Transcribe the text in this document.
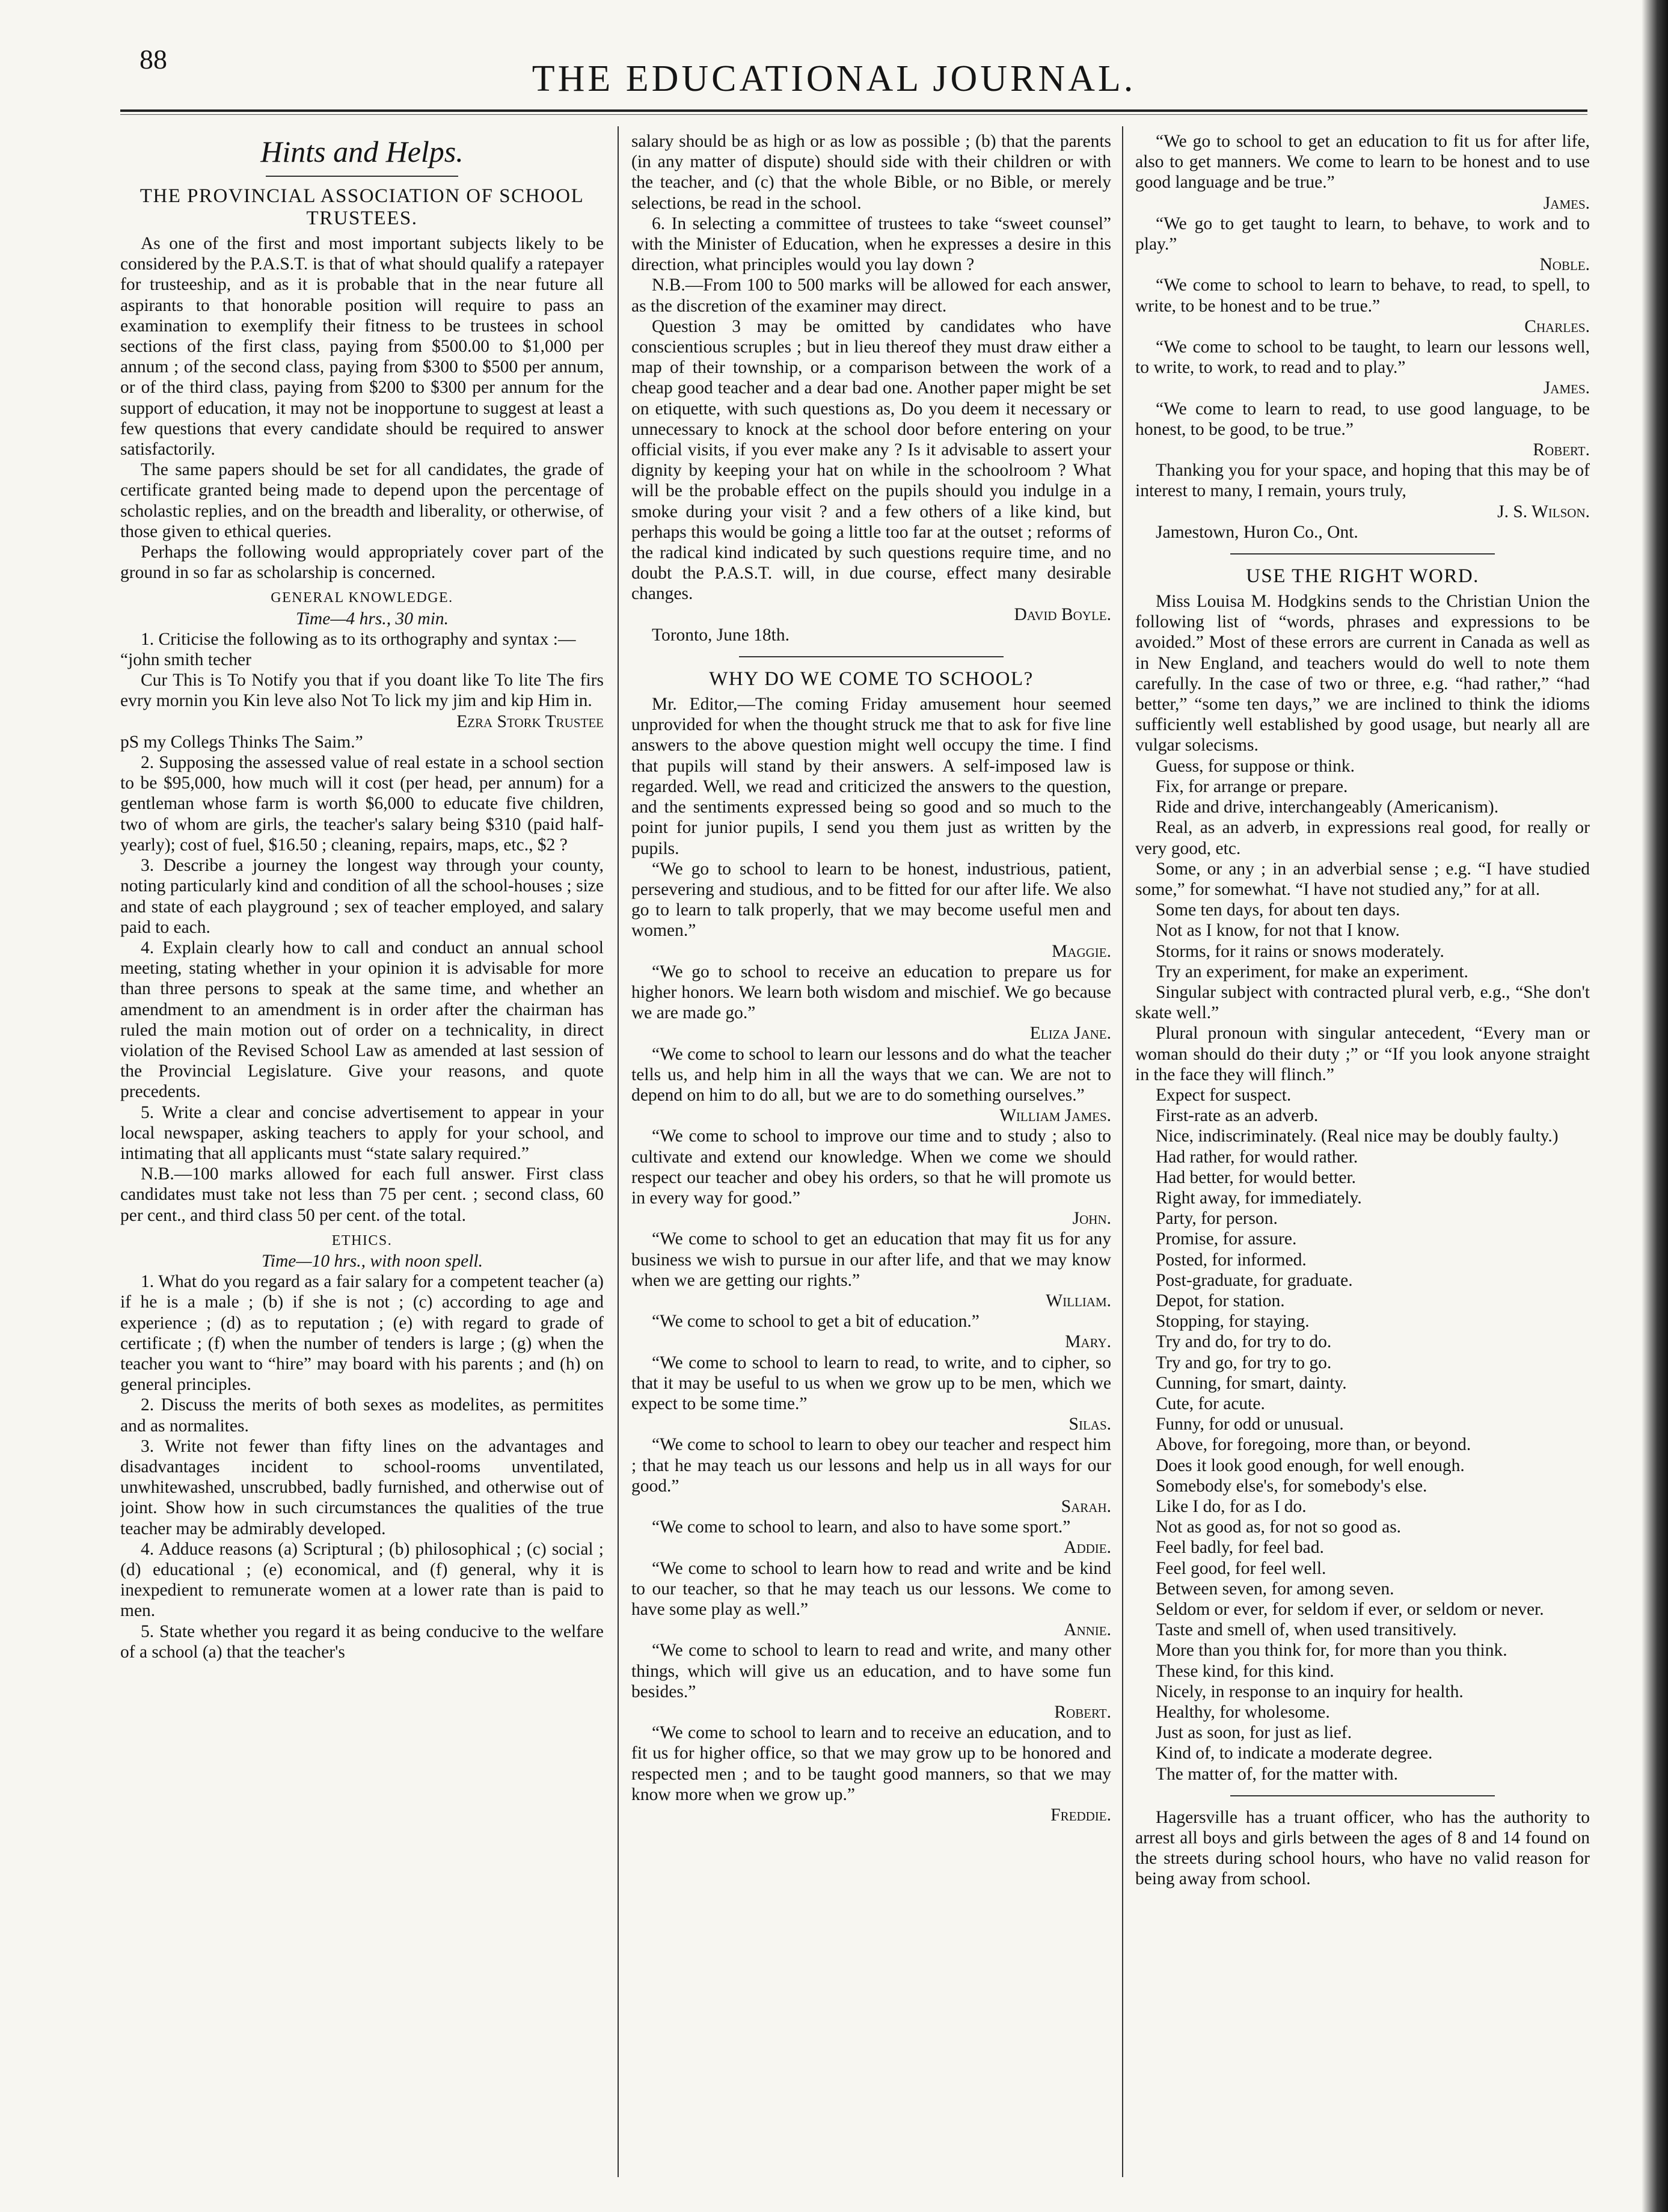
88	THE EDUCATIONAL JOURNAL.
Hints and Helps.
THE PROVINCIAL ASSOCIATION OF SCHOOL TRUSTEES.

As one of the first and most important subjects likely to be considered by the P.A.S.T. is that of what should qualify a ratepayer for trusteeship, and as it is probable that in the near future all aspirants to that honorable position will require to pass an examination to exemplify their fitness to be trustees in school sections of the first class, paying from $500.00 to $1,000 per annum ; of the second class, paying from $300 to $500 per annum, or of the third class, paying from $200 to $300 per annum for the support of education, it may not be inopportune to suggest at least a few questions that every candidate should be required to answer satisfactorily.

The same papers should be set for all candidates, the grade of certificate granted being made to depend upon the percentage of scholastic replies, and on the breadth and liberality, or otherwise, of those given to ethical queries.

Perhaps the following would appropriately cover part of the ground in so far as scholarship is concerned.

GENERAL KNOWLEDGE.

Time—4 hrs., 30 min.

1. Criticise the following as to its orthography and syntax :—

“john smith techer

Cur This is To Notify you that if you doant like To lite The firs evry mornin you Kin leve also Not To lick my jim and kip Him in.

Ezra Stork Trustee

pS my Collegs Thinks The Saim.”

2. Supposing the assessed value of real estate in a school section to be $95,000, how much will it cost (per head, per annum) for a gentleman whose farm is worth $6,000 to educate five children, two of whom are girls, the teacher's salary being $310 (paid half-yearly); cost of fuel, $16.50 ; cleaning, repairs, maps, etc., $2 ?

3. Describe a journey the longest way through your county, noting particularly kind and condition of all the school-houses ; size and state of each playground ; sex of teacher employed, and salary paid to each.

4. Explain clearly how to call and conduct an annual school meeting, stating whether in your opinion it is advisable for more than three persons to speak at the same time, and whether an amendment to an amendment is in order after the chairman has ruled the main motion out of order on a technicality, in direct violation of the Revised School Law as amended at last session of the Provincial Legislature. Give your reasons, and quote precedents.

5. Write a clear and concise advertisement to appear in your local newspaper, asking teachers to apply for your school, and intimating that all applicants must “state salary required.”

N.B.—100 marks allowed for each full answer. First class candidates must take not less than 75 per cent. ; second class, 60 per cent., and third class 50 per cent. of the total.

ETHICS.

Time—10 hrs., with noon spell.

1. What do you regard as a fair salary for a competent teacher (a) if he is a male ; (b) if she is not ; (c) according to age and experience ; (d) as to reputation ; (e) with regard to grade of certificate ; (f) when the number of tenders is large ; (g) when the teacher you want to “hire” may board with his parents ; and (h) on general principles.

2. Discuss the merits of both sexes as modelites, as permitites and as normalites.

3. Write not fewer than fifty lines on the advantages and disadvantages incident to school-rooms unventilated, unwhitewashed, unscrubbed, badly furnished, and otherwise out of joint. Show how in such circumstances the qualities of the true teacher may be admirably developed.

4. Adduce reasons (a) Scriptural ; (b) philosophical ; (c) social ; (d) educational ; (e) economical, and (f) general, why it is inexpedient to remunerate women at a lower rate than is paid to men.

5. State whether you regard it as being conducive to the welfare of a school (a) that the teacher's

salary should be as high or as low as possible ; (b) that the parents (in any matter of dispute) should side with their children or with the teacher, and (c) that the whole Bible, or no Bible, or merely selections, be read in the school.

6. In selecting a committee of trustees to take “sweet counsel” with the Minister of Education, when he expresses a desire in this direction, what principles would you lay down ?

N.B.—From 100 to 500 marks will be allowed for each answer, as the discretion of the examiner may direct.

Question 3 may be omitted by candidates who have conscientious scruples ; but in lieu thereof they must draw either a map of their township, or a comparison between the work of a cheap good teacher and a dear bad one. Another paper might be set on etiquette, with such questions as, Do you deem it necessary or unnecessary to knock at the school door before entering on your official visits, if you ever make any ? Is it advisable to assert your dignity by keeping your hat on while in the schoolroom ? What will be the probable effect on the pupils should you indulge in a smoke during your visit ? and a few others of a like kind, but perhaps this would be going a little too far at the outset ; reforms of the radical kind indicated by such questions require time, and no doubt the P.A.S.T. will, in due course, effect many desirable changes.

David Boyle.

Toronto, June 18th.

WHY DO WE COME TO SCHOOL?

Mr. Editor,—The coming Friday amusement hour seemed unprovided for when the thought struck me that to ask for five line answers to the above question might well occupy the time. I find that pupils will stand by their answers. A self-imposed law is regarded. Well, we read and criticized the answers to the question, and the sentiments expressed being so good and so much to the point for junior pupils, I send you them just as written by the pupils.

“We go to school to learn to be honest, industrious, patient, persevering and studious, and to be fitted for our after life. We also go to learn to talk properly, that we may become useful men and women.”

Maggie.

“We go to school to receive an education to prepare us for higher honors. We learn both wisdom and mischief. We go because we are made go.”

Eliza Jane.

“We come to school to learn our lessons and do what the teacher tells us, and help him in all the ways that we can. We are not to depend on him to do all, but we are to do something ourselves.”

William James.

“We come to school to improve our time and to study ; also to cultivate and extend our knowledge. When we come we should respect our teacher and obey his orders, so that he will promote us in every way for good.”

John.

“We come to school to get an education that may fit us for any business we wish to pursue in our after life, and that we may know when we are getting our rights.”

William.

“We come to school to get a bit of education.”

Mary.

“We come to school to learn to read, to write, and to cipher, so that it may be useful to us when we grow up to be men, which we expect to be some time.”

Silas.

“We come to school to learn to obey our teacher and respect him ; that he may teach us our lessons and help us in all ways for our good.”

Sarah.

“We come to school to learn, and also to have some sport.”

Addie.

“We come to school to learn how to read and write and be kind to our teacher, so that he may teach us our lessons. We come to have some play as well.”

Annie.

“We come to school to learn to read and write, and many other things, which will give us an education, and to have some fun besides.”

Robert.

“We come to school to learn and to receive an education, and to fit us for higher office, so that we may grow up to be honored and respected men ; and to be taught good manners, so that we may know more when we grow up.”

Freddie.

“We go to school to get an education to fit us for after life, also to get manners. We come to learn to be honest and to use good language and be true.”

James.

“We go to get taught to learn, to behave, to work and to play.”

Noble.

“We come to school to learn to behave, to read, to spell, to write, to be honest and to be true.”

Charles.

“We come to school to be taught, to learn our lessons well, to write, to work, to read and to play.”

James.

“We come to learn to read, to use good language, to be honest, to be good, to be true.”

Robert.

Thanking you for your space, and hoping that this may be of interest to many, I remain, yours truly,

J. S. Wilson.

Jamestown, Huron Co., Ont.

USE THE RIGHT WORD.

Miss Louisa M. Hodgkins sends to the Christian Union the following list of “words, phrases and expressions to be avoided.” Most of these errors are current in Canada as well as in New England, and teachers would do well to note them carefully. In the case of two or three, e.g. “had rather,” “had better,” “some ten days,” we are inclined to think the idioms sufficiently well established by good usage, but nearly all are vulgar solecisms.

Guess, for suppose or think.

Fix, for arrange or prepare.

Ride and drive, interchangeably (Americanism).

Real, as an adverb, in expressions real good, for really or very good, etc.

Some, or any ; in an adverbial sense ; e.g. “I have studied some,” for somewhat. “I have not studied any,” for at all.

Some ten days, for about ten days.

Not as I know, for not that I know.

Storms, for it rains or snows moderately.

Try an experiment, for make an experiment.

Singular subject with contracted plural verb, e.g., “She don't skate well.”

Plural pronoun with singular antecedent, “Every man or woman should do their duty ;” or “If you look anyone straight in the face they will flinch.”

Expect for suspect.

First-rate as an adverb.

Nice, indiscriminately. (Real nice may be doubly faulty.)

Had rather, for would rather.

Had better, for would better.

Right away, for immediately.

Party, for person.

Promise, for assure.

Posted, for informed.

Post-graduate, for graduate.

Depot, for station.

Stopping, for staying.

Try and do, for try to do.

Try and go, for try to go.

Cunning, for smart, dainty.

Cute, for acute.

Funny, for odd or unusual.

Above, for foregoing, more than, or beyond.

Does it look good enough, for well enough.

Somebody else's, for somebody's else.

Like I do, for as I do.

Not as good as, for not so good as.

Feel badly, for feel bad.

Feel good, for feel well.

Between seven, for among seven.

Seldom or ever, for seldom if ever, or seldom or never.

Taste and smell of, when used transitively.

More than you think for, for more than you think.

These kind, for this kind.

Nicely, in response to an inquiry for health.

Healthy, for wholesome.

Just as soon, for just as lief.

Kind of, to indicate a moderate degree.

The matter of, for the matter with.

Hagersville has a truant officer, who has the authority to arrest all boys and girls between the ages of 8 and 14 found on the streets during school hours, who have no valid reason for being away from school.
